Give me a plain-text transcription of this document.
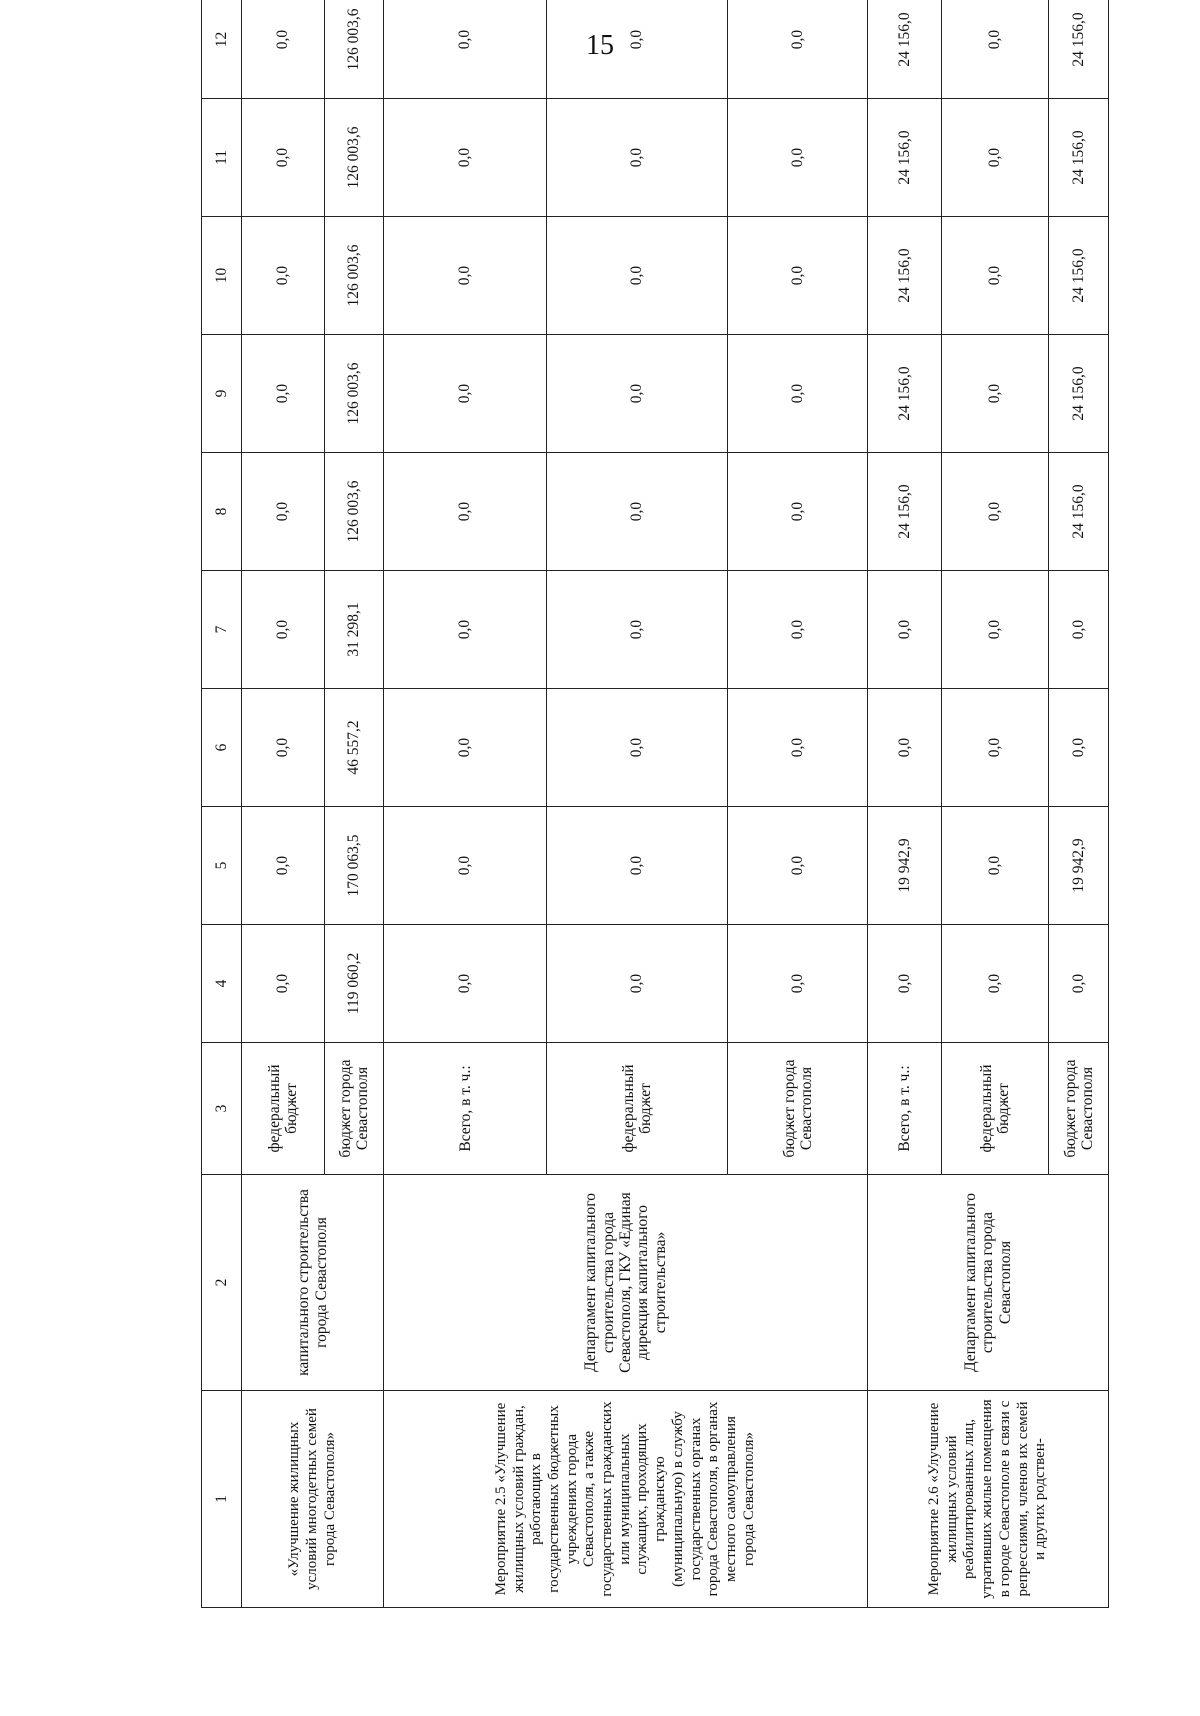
15
1	2	3	4	5	6	7	8	9	10	11	12	
«Улучшение жилищных условий многодетных семей города Севастополя»	капитального строительства города Севастополя	федеральный бюджет	0,0	0,0	0,0	0,0	0,0	0,0	0,0	0,0	0,0	
		бюджет города Севастополя	119 060,2	170 063,5	46 557,2	31 298,1	126 003,6	126 003,6	126 003,6	126 003,6	126 003,6	
Мероприятие 2.5 «Улучшение жилищных условий граждан, работающих в государственных бюджетных учреждениях города Севастополя, а также государственных гражданских или муниципальных служащих, проходящих гражданскую (муниципальную) в службу государственных органах города Севастополя, в органах местного самоуправления города Севастополя»	Департамент капитального строительства города Севастополя, ГКУ «Единая дирекция капитального строительства»	Всего, в т. ч.:	0,0	0,0	0,0	0,0	0,0	0,0	0,0	0,0	0,0	
		федеральный бюджет	0,0	0,0	0,0	0,0	0,0	0,0	0,0	0,0	0,0	
		бюджет города Севастополя	0,0	0,0	0,0	0,0	0,0	0,0	0,0	0,0	0,0	
Мероприятие 2.6 «Улучшение жилищных условий реабилитированных лиц, утративших жилые помещения в городе Севастополе в связи с репрессиями, членов их семей и других родствен-	Департамент капитального строительства города Севастополя	Всего, в т. ч.:	0,0	19 942,9	0,0	0,0	24 156,0	24 156,0	24 156,0	24 156,0	24 156,0	
		федеральный бюджет	0,0	0,0	0,0	0,0	0,0	0,0	0,0	0,0	0,0	
		бюджет города Севастополя	0,0	19 942,9	0,0	0,0	24 156,0	24 156,0	24 156,0	24 156,0	24 156,0	
